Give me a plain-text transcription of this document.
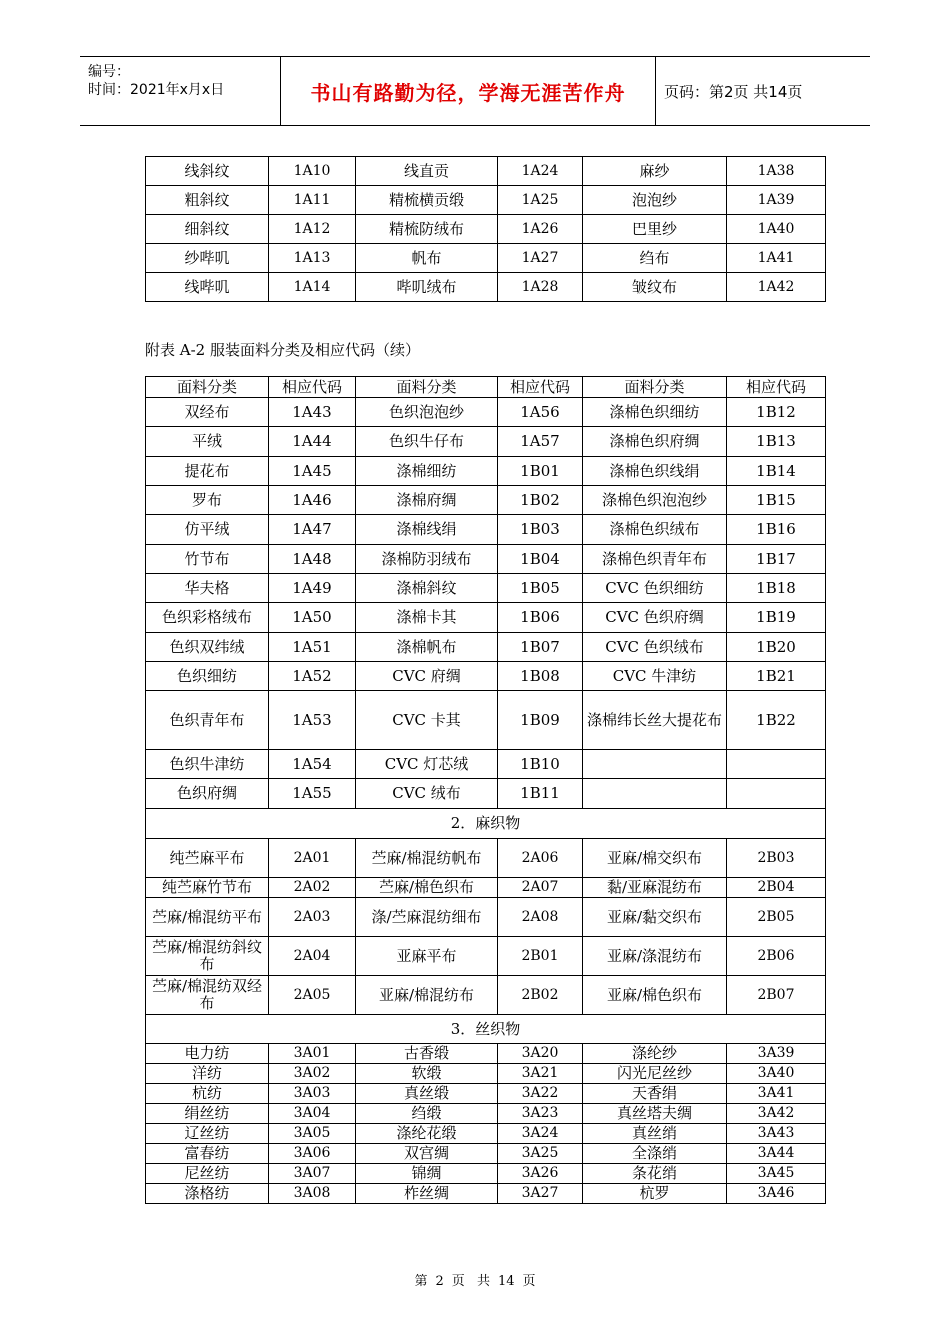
编号：
时间：2021年x月x日	书山有路勤为径，学海无涯苦作舟	页码：第2页 共14页
线斜纹	1A10	线直贡	1A24	麻纱	1A38
粗斜纹	1A11	精梳横贡缎	1A25	泡泡纱	1A39
细斜纹	1A12	精梳防绒布	1A26	巴里纱	1A40
纱哔叽	1A13	帆布	1A27	绉布	1A41
线哔叽	1A14	哔叽绒布	1A28	皱纹布	1A42
附表 A-2 服装面料分类及相应代码（续）
面料分类	相应代码	面料分类	相应代码	面料分类	相应代码
双经布	1A43	色织泡泡纱	1A56	涤棉色织细纺	1B12
平绒	1A44	色织牛仔布	1A57	涤棉色织府绸	1B13
提花布	1A45	涤棉细纺	1B01	涤棉色织线绢	1B14
罗布	1A46	涤棉府绸	1B02	涤棉色织泡泡纱	1B15
仿平绒	1A47	涤棉线绢	1B03	涤棉色织绒布	1B16
竹节布	1A48	涤棉防羽绒布	1B04	涤棉色织青年布	1B17
华夫格	1A49	涤棉斜纹	1B05	CVC 色织细纺	1B18
色织彩格绒布	1A50	涤棉卡其	1B06	CVC 色织府绸	1B19
色织双纬绒	1A51	涤棉帆布	1B07	CVC 色织绒布	1B20
色织细纺	1A52	CVC 府绸	1B08	CVC 牛津纺	1B21
色织青年布	1A53	CVC 卡其	1B09	涤棉纬长丝大提花布	1B22
色织牛津纺	1A54	CVC 灯芯绒	1B10		
色织府绸	1A55	CVC 绒布	1B11		
2．麻织物					
纯苎麻平布	2A01	苎麻/棉混纺帆布	2A06	亚麻/棉交织布	2B03
纯苎麻竹节布	2A02	苎麻/棉色织布	2A07	黏/亚麻混纺布	2B04
苎麻/棉混纺平布	2A03	涤/苎麻混纺细布	2A08	亚麻/黏交织布	2B05
苎麻/棉混纺斜纹布	2A04	亚麻平布	2B01	亚麻/涤混纺布	2B06
苎麻/棉混纺双经布	2A05	亚麻/棉混纺布	2B02	亚麻/棉色织布	2B07
3．丝织物					
电力纺	3A01	古香缎	3A20	涤纶纱	3A39
洋纺	3A02	软缎	3A21	闪光尼丝纱	3A40
杭纺	3A03	真丝缎	3A22	天香绢	3A41
绢丝纺	3A04	绉缎	3A23	真丝塔夫绸	3A42
辽丝纺	3A05	涤纶花缎	3A24	真丝绡	3A43
富春纺	3A06	双宫绸	3A25	全涤绡	3A44
尼丝纺	3A07	锦绸	3A26	条花绡	3A45
涤格纺	3A08	柞丝绸	3A27	杭罗	3A46
第 2 页 共 14 页
